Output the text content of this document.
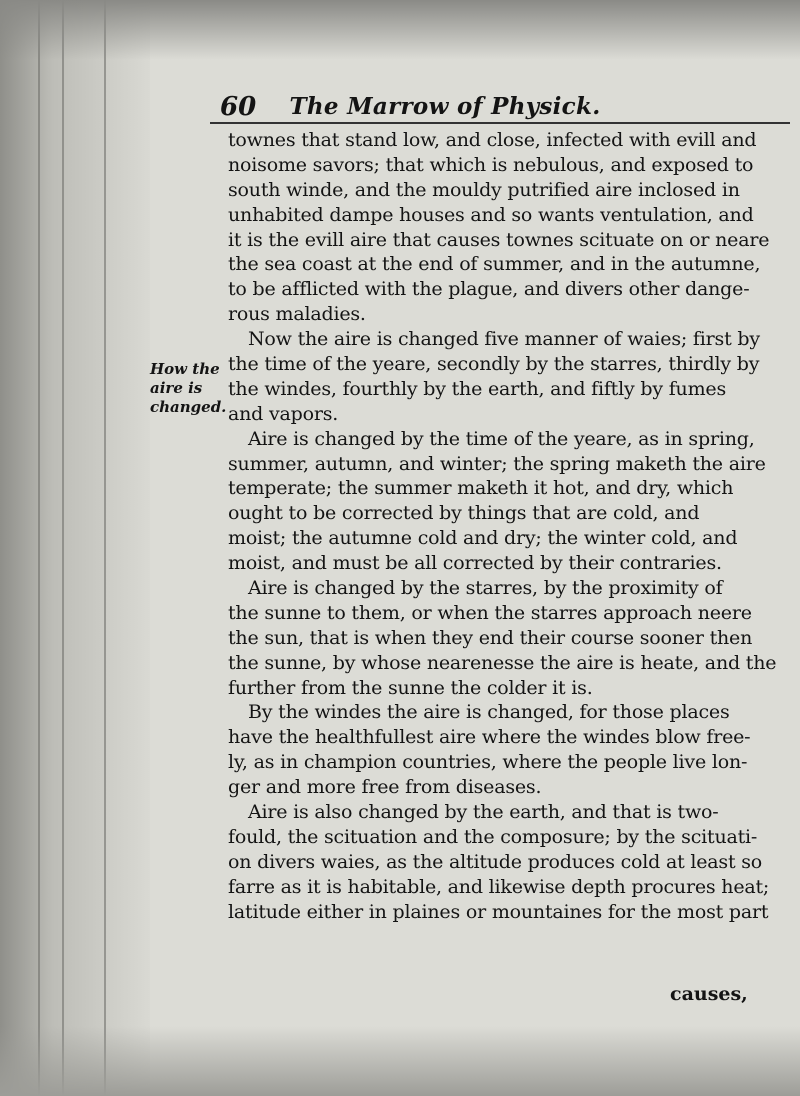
60	The Marrow of Physick.
How the
aire is
changed.
townes that stand low, and close, infected with evill and
noisome savors; that which is nebulous, and exposed to
south winde, and the mouldy putrified aire inclosed in
unhabited dampe houses and so wants ventulation, and
it is the evill aire that causes townes scituate on or neare
the sea coast at the end of summer, and in the autumne,
to be afflicted with the plague, and divers other dange-
rous maladies.
Now the aire is changed five manner of waies; first by
the time of the yeare, secondly by the starres, thirdly by
the windes, fourthly by the earth, and fiftly by fumes
and vapors.
Aire is changed by the time of the yeare, as in spring,
summer, autumn, and winter; the spring maketh the aire
temperate; the summer maketh it hot, and dry, which
ought to be corrected by things that are cold, and
moist; the autumne cold and dry; the winter cold, and
moist, and must be all corrected by their contraries.
Aire is changed by the starres, by the proximity of
the sunne to them, or when the starres approach neere
the sun, that is when they end their course sooner then
the sunne, by whose nearenesse the aire is heate, and the
further from the sunne the colder it is.
By the windes the aire is changed, for those places
have the healthfullest aire where the windes blow free-
ly, as in champion countries, where the people live lon-
ger and more free from diseases.
Aire is also changed by the earth, and that is two-
fould, the scituation and the composure; by the scituati-
on divers waies, as the altitude produces cold at least so
farre as it is habitable, and likewise depth procures heat;
latitude either in plaines or mountaines for the most part
causes,
